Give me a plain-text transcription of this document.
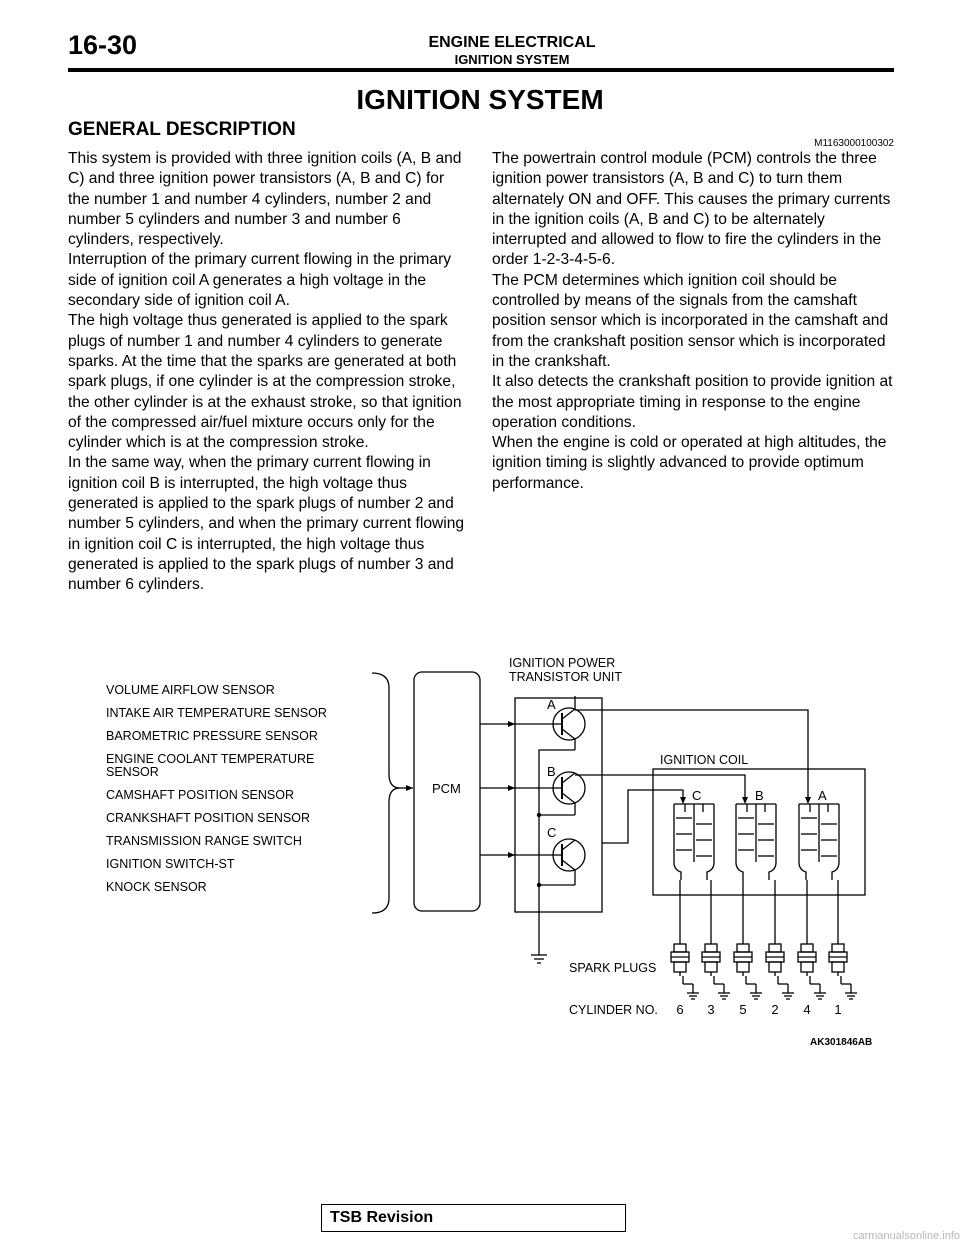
16-30	ENGINE ELECTRICAL
IGNITION SYSTEM
IGNITION SYSTEM
GENERAL DESCRIPTION
M1163000100302

This system is provided with three ignition coils (A, B and C) and three ignition power transistors (A, B and C) for the number 1 and number 4 cylinders, number 2 and number 5 cylinders and number 3 and number 6 cylinders, respectively.

Interruption of the primary current flowing in the primary side of ignition coil A generates a high voltage in the secondary side of ignition coil A.

The high voltage thus generated is applied to the spark plugs of number 1 and number 4 cylinders to generate sparks. At the time that the sparks are generated at both spark plugs, if one cylinder is at the compression stroke, the other cylinder is at the exhaust stroke, so that ignition of the compressed air/fuel mixture occurs only for the cylinder which is at the compression stroke.

In the same way, when the primary current flowing in ignition coil B is interrupted, the high voltage thus generated is applied to the spark plugs of number 2 and number 5 cylinders, and when the primary current flowing in ignition coil C is interrupted, the high voltage thus generated is applied to the spark plugs of number 3 and number 6 cylinders.

The powertrain control module (PCM) controls the three ignition power transistors (A, B and C) to turn them alternately ON and OFF. This causes the primary currents in the ignition coils (A, B and C) to be alternately interrupted and allowed to flow to fire the cylinders in the order 1-2-3-4-5-6.

The PCM determines which ignition coil should be controlled by means of the signals from the camshaft position sensor which is incorporated in the camshaft and from the crankshaft position sensor which is incorporated in the crankshaft.

It also detects the crankshaft position to provide ignition at the most appropriate timing in response to the engine operation conditions.

When the engine is cold or operated at high altitudes, the ignition timing is slightly advanced to provide optimum performance.

VOLUME AIRFLOW SENSOR
INTAKE AIR TEMPERATURE SENSOR
BAROMETRIC PRESSURE SENSOR
ENGINE COOLANT TEMPERATURE
SENSOR
CAMSHAFT POSITION SENSOR
CRANKSHAFT POSITION SENSOR
TRANSMISSION RANGE SWITCH
IGNITION SWITCH-ST
KNOCK SENSOR
PCM
IGNITION POWER
TRANSISTOR UNIT
A
B
C
IGNITION COIL
C	B	A
SPARK PLUGS
CYLINDER NO. 6 3 5 2 4 1
AK301846AB
TSB Revision
carmanualsonline.info
